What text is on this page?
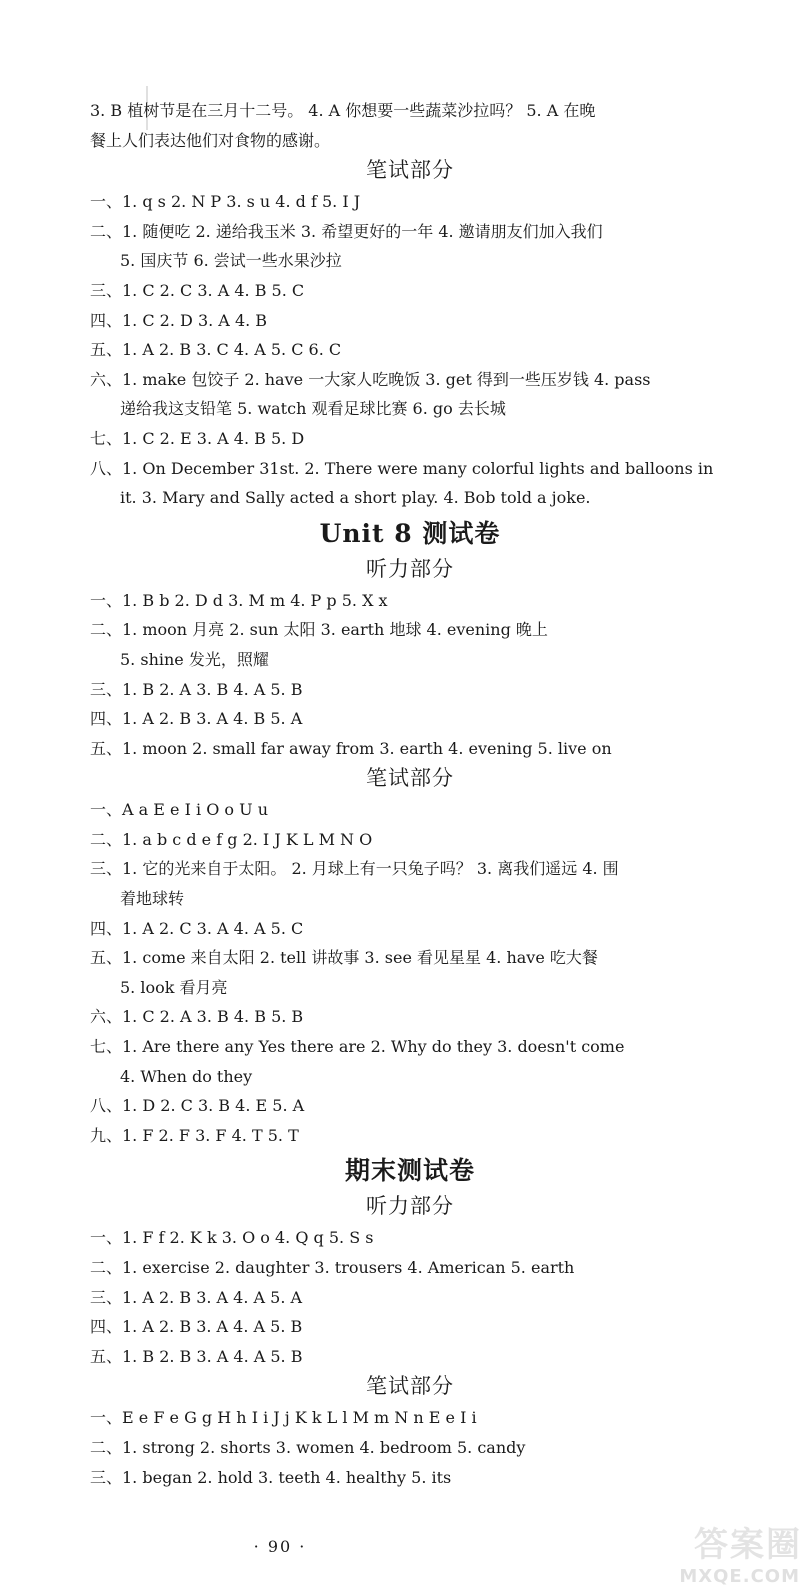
3. B 植树节是在三月十二号。 4. A 你想要一些蔬菜沙拉吗？ 5. A 在晚
餐上人们表达他们对食物的感谢。
笔试部分
一、1. q s 2. N P 3. s u 4. d f 5. I J
二、1. 随便吃 2. 递给我玉米 3. 希望更好的一年 4. 邀请朋友们加入我们
5. 国庆节 6. 尝试一些水果沙拉
三、1. C 2. C 3. A 4. B 5. C
四、1. C 2. D 3. A 4. B
五、1. A 2. B 3. C 4. A 5. C 6. C
六、1. make 包饺子 2. have 一大家人吃晚饭 3. get 得到一些压岁钱 4. pass
递给我这支铅笔 5. watch 观看足球比赛 6. go 去长城
七、1. C 2. E 3. A 4. B 5. D
八、1. On December 31st. 2. There were many colorful lights and balloons in
it. 3. Mary and Sally acted a short play. 4. Bob told a joke.
Unit 8 测试卷
听力部分
一、1. B b 2. D d 3. M m 4. P p 5. X x
二、1. moon 月亮 2. sun 太阳 3. earth 地球 4. evening 晚上
5. shine 发光，照耀
三、1. B 2. A 3. B 4. A 5. B
四、1. A 2. B 3. A 4. B 5. A
五、1. moon 2. small far away from 3. earth 4. evening 5. live on
笔试部分
一、A a E e I i O o U u
二、1. a b c d e f g 2. I J K L M N O
三、1. 它的光来自于太阳。 2. 月球上有一只兔子吗？ 3. 离我们遥远 4. 围
着地球转
四、1. A 2. C 3. A 4. A 5. C
五、1. come 来自太阳 2. tell 讲故事 3. see 看见星星 4. have 吃大餐
5. look 看月亮
六、1. C 2. A 3. B 4. B 5. B
七、1. Are there any Yes there are 2. Why do they 3. doesn't come
4. When do they
八、1. D 2. C 3. B 4. E 5. A
九、1. F 2. F 3. F 4. T 5. T
期末测试卷
听力部分
一、1. F f 2. K k 3. O o 4. Q q 5. S s
二、1. exercise 2. daughter 3. trousers 4. American 5. earth
三、1. A 2. B 3. A 4. A 5. A
四、1. A 2. B 3. A 4. A 5. B
五、1. B 2. B 3. A 4. A 5. B
笔试部分
一、E e F e G g H h I i J j K k L l M m N n E e I i
二、1. strong 2. shorts 3. women 4. bedroom 5. candy
三、1. began 2. hold 3. teeth 4. healthy 5. its
· 90 ·	答案圈
MXQE.COM
